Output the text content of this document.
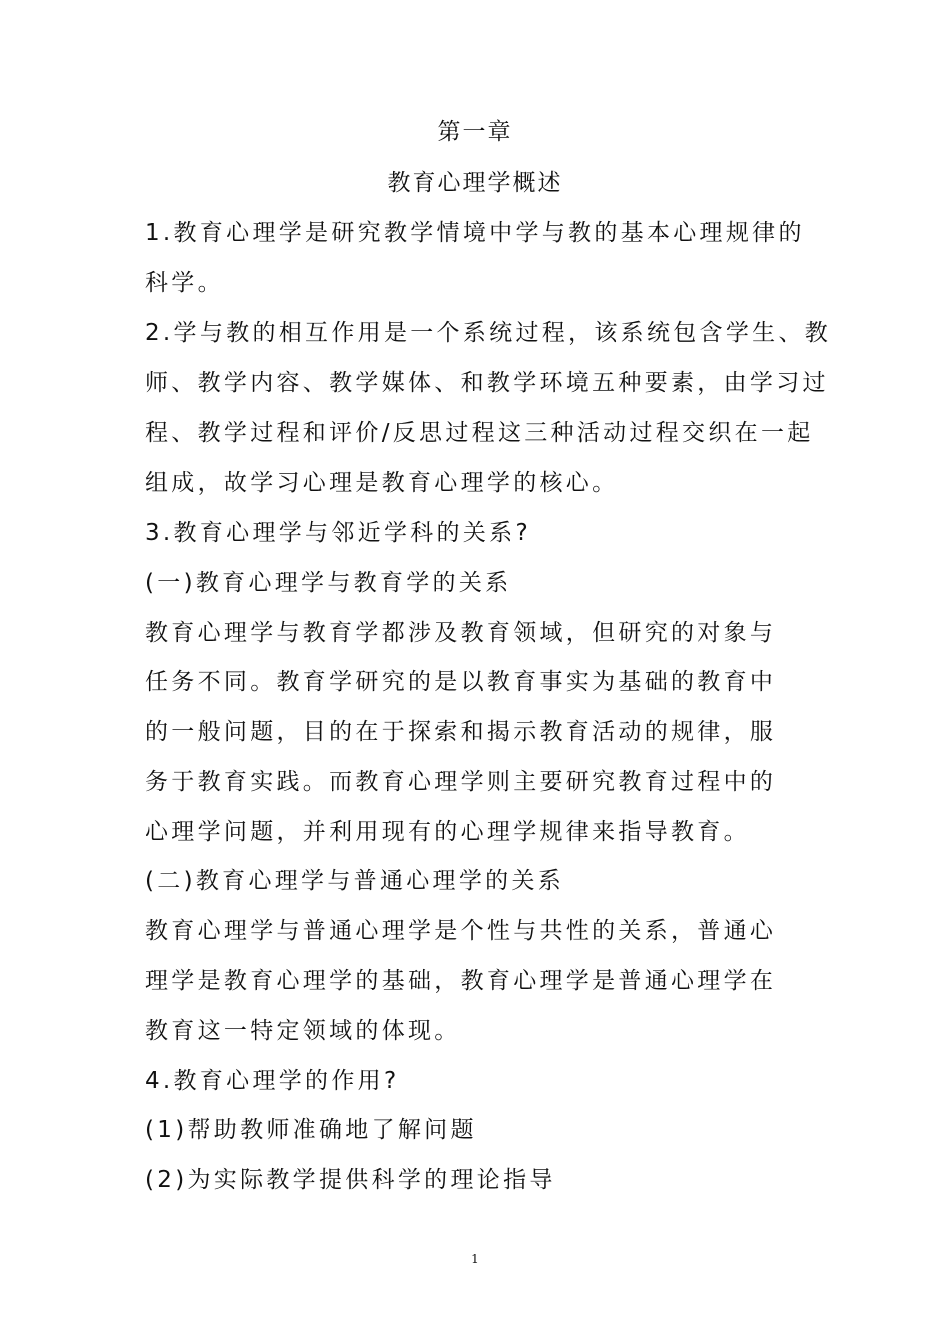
第一章
教育心理学概述
1.教育心理学是研究教学情境中学与教的基本心理规律的
科学。
2.学与教的相互作用是一个系统过程，该系统包含学生、教
师、教学内容、教学媒体、和教学环境五种要素，由学习过
程、教学过程和评价/反思过程这三种活动过程交织在一起
组成，故学习心理是教育心理学的核心。
3.教育心理学与邻近学科的关系?
(一)教育心理学与教育学的关系
教育心理学与教育学都涉及教育领域，但研究的对象与
任务不同。教育学研究的是以教育事实为基础的教育中
的一般问题，目的在于探索和揭示教育活动的规律，服
务于教育实践。而教育心理学则主要研究教育过程中的
心理学问题，并利用现有的心理学规律来指导教育。
(二)教育心理学与普通心理学的关系
教育心理学与普通心理学是个性与共性的关系，普通心
理学是教育心理学的基础，教育心理学是普通心理学在
教育这一特定领域的体现。
4.教育心理学的作用?
(1)帮助教师准确地了解问题
(2)为实际教学提供科学的理论指导
1
